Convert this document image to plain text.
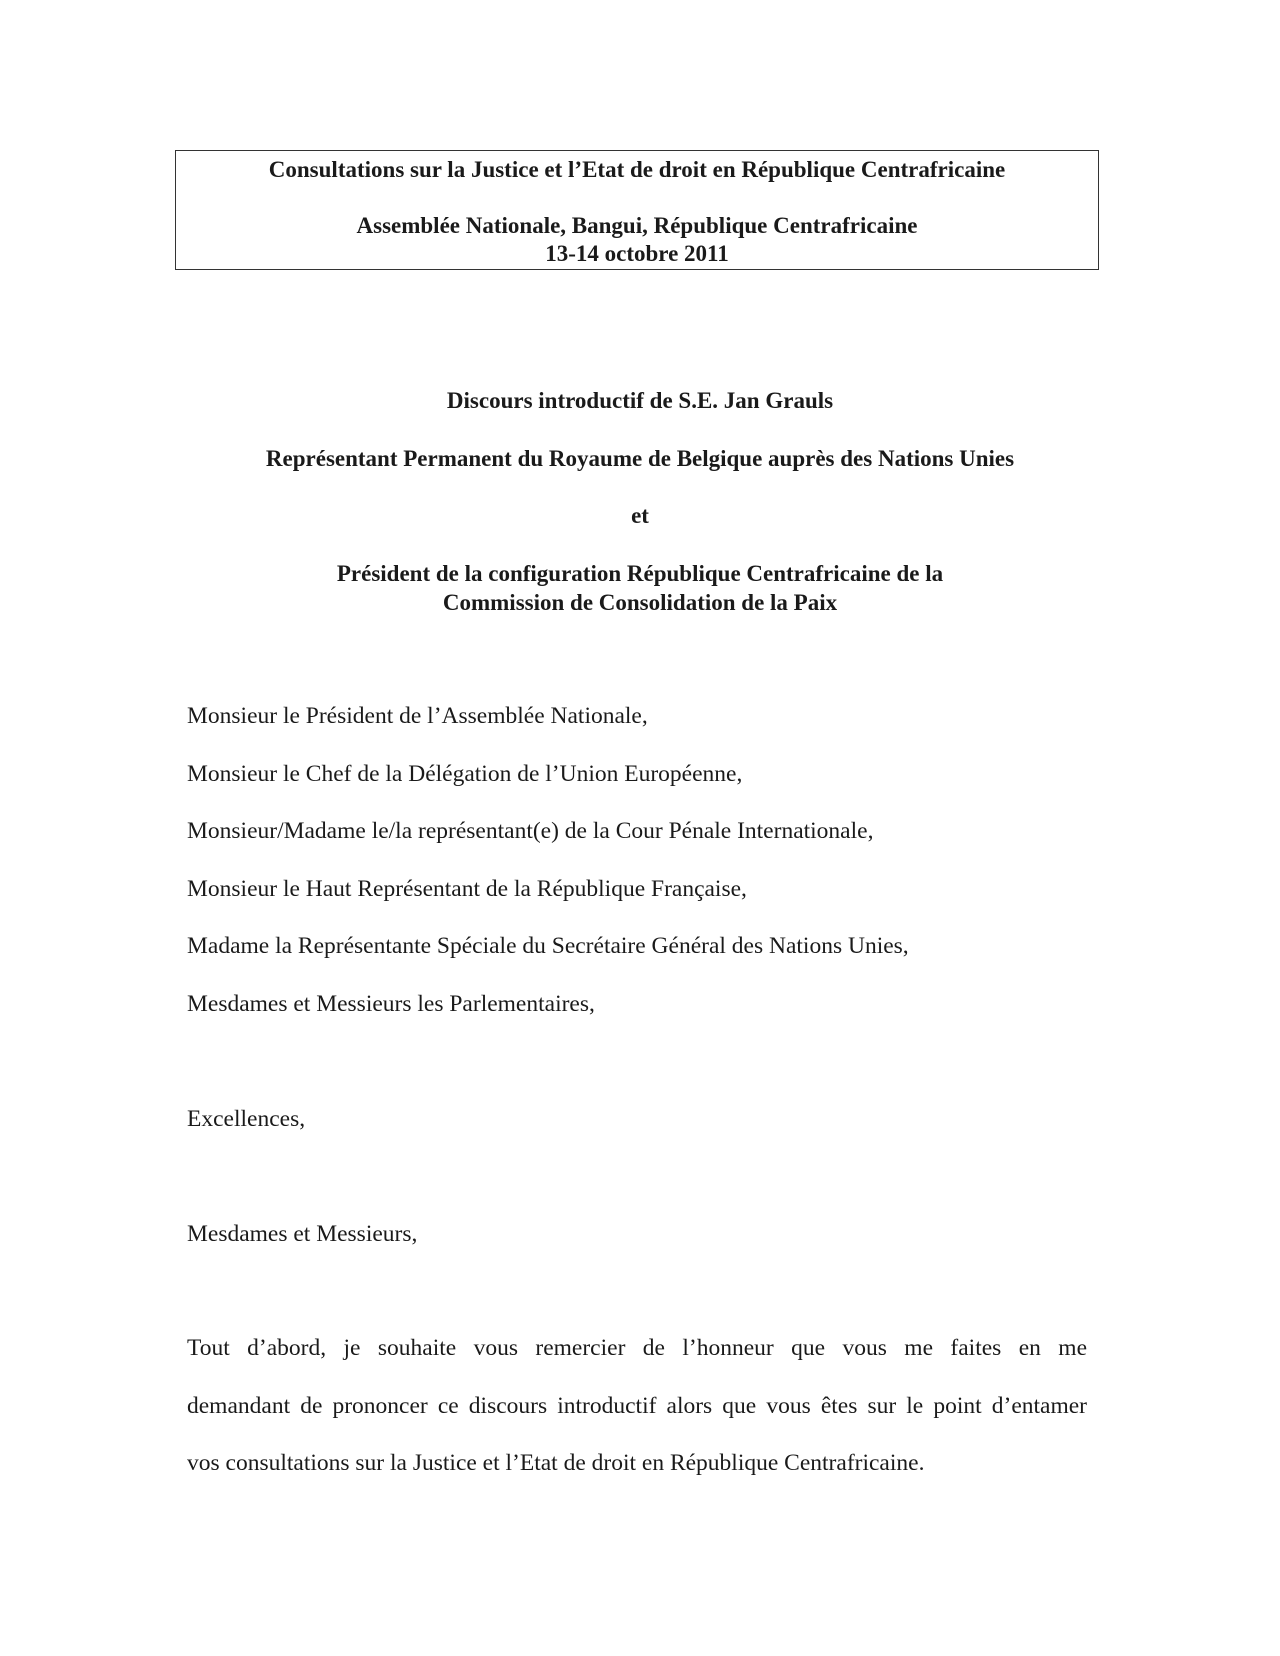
Consultations sur la Justice et l’Etat de droit en République Centrafricaine
Assemblée Nationale, Bangui, République Centrafricaine
13-14 octobre 2011
Discours introductif de S.E. Jan Grauls
Représentant Permanent du Royaume de Belgique auprès des Nations Unies
et
Président de la configuration République Centrafricaine de la
Commission de Consolidation de la Paix
Monsieur le Président de l’Assemblée Nationale,
Monsieur le Chef de la Délégation de l’Union Européenne,
Monsieur/Madame le/la représentant(e) de la Cour Pénale Internationale,
Monsieur le Haut Représentant de la République Française,
Madame la Représentante Spéciale du Secrétaire Général des Nations Unies,
Mesdames et Messieurs les Parlementaires,
Excellences,
Mesdames et Messieurs,
Tout d’abord, je souhaite vous remercier de l’honneur que vous me faites en me
demandant de prononcer ce discours introductif alors que vous êtes sur le point d’entamer
vos consultations sur la Justice et l’Etat de droit en République Centrafricaine.
